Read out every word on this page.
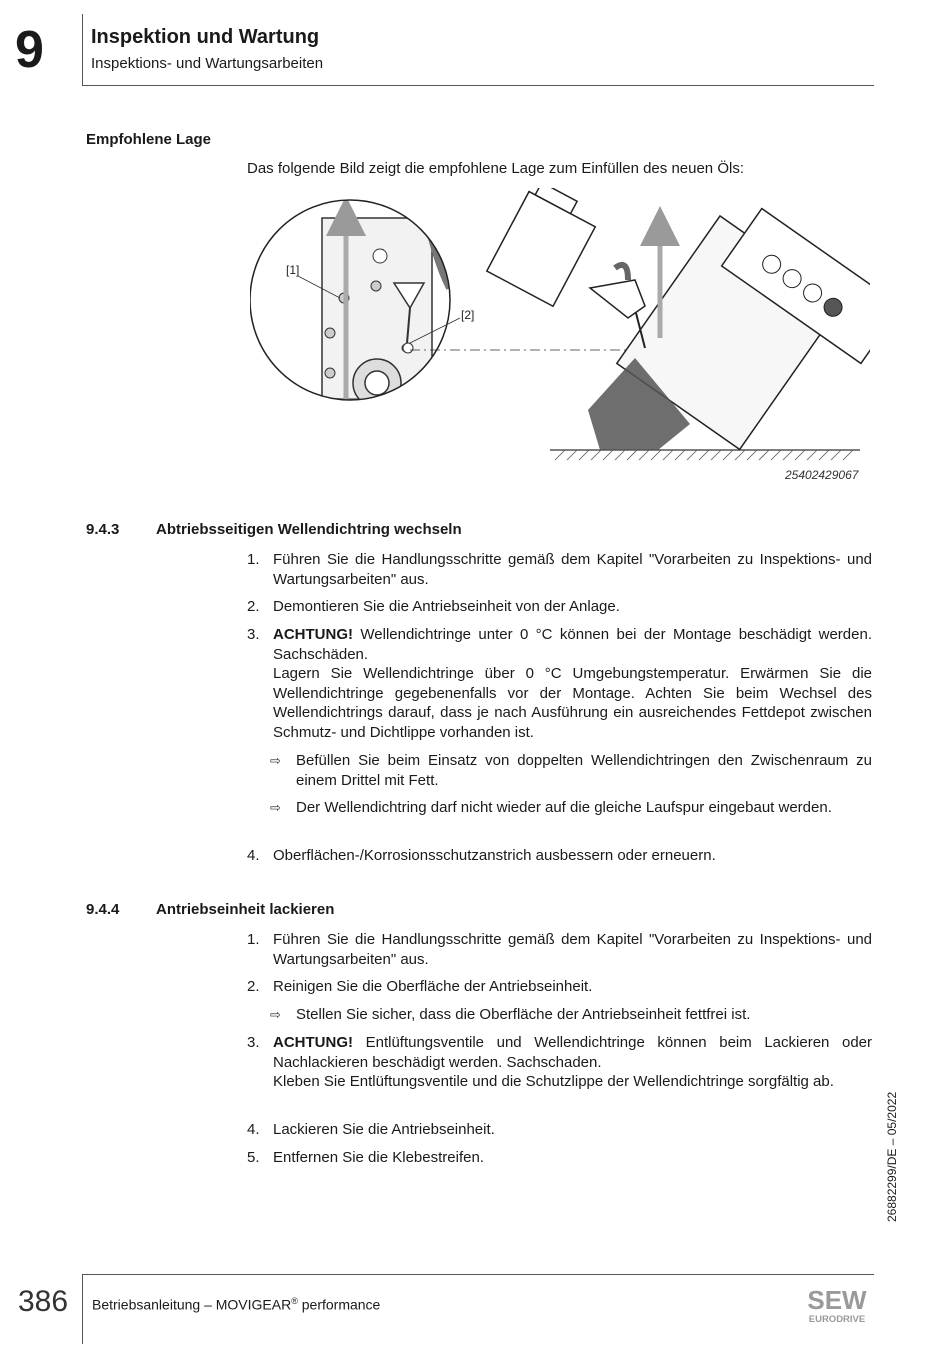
9 Inspektion und Wartung
Inspektions- und Wartungsarbeiten
Empfohlene Lage
Das folgende Bild zeigt die empfohlene Lage zum Einfüllen des neuen Öls:
[1]
[2]
25402429067
9.4.3 Abtriebsseitigen Wellendichtring wechseln
1. Führen Sie die Handlungsschritte gemäß dem Kapitel "Vorarbeiten zu Inspektions- und Wartungsarbeiten" aus.
2. Demontieren Sie die Antriebseinheit von der Anlage.
3. ACHTUNG! Wellendichtringe unter 0 °C können bei der Montage beschädigt werden. Sachschäden.
Lagern Sie Wellendichtringe über 0 °C Umgebungstemperatur. Erwärmen Sie die Wellendichtringe gegebenenfalls vor der Montage. Achten Sie beim Wechsel des Wellendichtrings darauf, dass je nach Ausführung ein ausreichendes Fettdepot zwischen Schmutz- und Dichtlippe vorhanden ist.
⇨ Befüllen Sie beim Einsatz von doppelten Wellendichtringen den Zwischenraum zu einem Drittel mit Fett.
⇨ Der Wellendichtring darf nicht wieder auf die gleiche Laufspur eingebaut werden.
4. Oberflächen-/Korrosionsschutzanstrich ausbessern oder erneuern.
9.4.4 Antriebseinheit lackieren
1. Führen Sie die Handlungsschritte gemäß dem Kapitel "Vorarbeiten zu Inspektions- und Wartungsarbeiten" aus.
2. Reinigen Sie die Oberfläche der Antriebseinheit.
⇨ Stellen Sie sicher, dass die Oberfläche der Antriebseinheit fettfrei ist.
3. ACHTUNG! Entlüftungsventile und Wellendichtringe können beim Lackieren oder Nachlackieren beschädigt werden. Sachschaden.
Kleben Sie Entlüftungsventile und die Schutzlippe der Wellendichtringe sorgfältig ab.
4. Lackieren Sie die Antriebseinheit.
5. Entfernen Sie die Klebestreifen.	26882299/DE – 05/2022
386 Betriebsanleitung – MOVIGEAR® performance	SEW
EURODRIVE
